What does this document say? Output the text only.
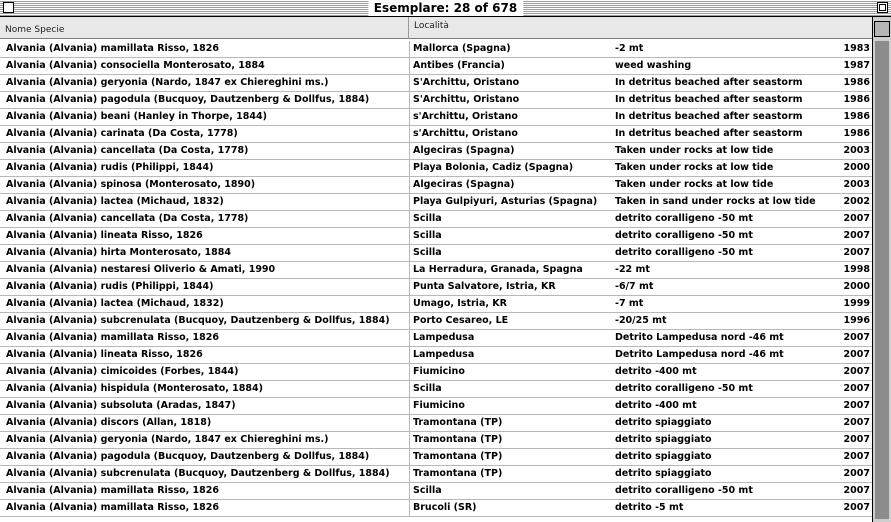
Esemplare: 28 of 678
Nome Specie	Località
Alvania (Alvania) mamillata Risso, 1826	Mallorca (Spagna)	-2 mt	1983
Alvania (Alvania) consociella Monterosato, 1884	Antibes (Francia)	weed washing	1987
Alvania (Alvania) geryonia (Nardo, 1847 ex Chiereghini ms.)	S'Archittu, Oristano	In detritus beached after seastorm	1986
Alvania (Alvania) pagodula (Bucquoy, Dautzenberg & Dollfus, 1884)	S'Archittu, Oristano	In detritus beached after seastorm	1986
Alvania (Alvania) beani (Hanley in Thorpe, 1844)	s'Archittu, Oristano	In detritus beached after seastorm	1986
Alvania (Alvania) carinata (Da Costa, 1778)	s'Archittu, Oristano	In detritus beached after seastorm	1986
Alvania (Alvania) cancellata (Da Costa, 1778)	Algeciras (Spagna)	Taken under rocks at low tide	2003
Alvania (Alvania) rudis (Philippi, 1844)	Playa Bolonia, Cadiz (Spagna)	Taken under rocks at low tide	2000
Alvania (Alvania) spinosa (Monterosato, 1890)	Algeciras (Spagna)	Taken under rocks at low tide	2003
Alvania (Alvania) lactea (Michaud, 1832)	Playa Gulpiyuri, Asturias (Spagna)	Taken in sand under rocks at low tide	2002
Alvania (Alvania) cancellata (Da Costa, 1778)	Scilla	detrito coralligeno -50 mt	2007
Alvania (Alvania) lineata Risso, 1826	Scilla	detrito coralligeno -50 mt	2007
Alvania (Alvania) hirta Monterosato, 1884	Scilla	detrito coralligeno -50 mt	2007
Alvania (Alvania) nestaresi Oliverio & Amati, 1990	La Herradura, Granada, Spagna	-22 mt	1998
Alvania (Alvania) rudis (Philippi, 1844)	Punta Salvatore, Istria, KR	-6/7 mt	2000
Alvania (Alvania) lactea (Michaud, 1832)	Umago, Istria, KR	-7 mt	1999
Alvania (Alvania) subcrenulata (Bucquoy, Dautzenberg & Dollfus, 1884)	Porto Cesareo, LE	-20/25 mt	1996
Alvania (Alvania) mamillata Risso, 1826	Lampedusa	Detrito Lampedusa nord -46 mt	2007
Alvania (Alvania) lineata Risso, 1826	Lampedusa	Detrito Lampedusa nord -46 mt	2007
Alvania (Alvania) cimicoides (Forbes, 1844)	Fiumicino	detrito -400 mt	2007
Alvania (Alvania) hispidula (Monterosato, 1884)	Scilla	detrito coralligeno -50 mt	2007
Alvania (Alvania) subsoluta (Aradas, 1847)	Fiumicino	detrito -400 mt	2007
Alvania (Alvania) discors (Allan, 1818)	Tramontana (TP)	detrito spiaggiato	2007
Alvania (Alvania) geryonia (Nardo, 1847 ex Chiereghini ms.)	Tramontana (TP)	detrito spiaggiato	2007
Alvania (Alvania) pagodula (Bucquoy, Dautzenberg & Dollfus, 1884)	Tramontana (TP)	detrito spiaggiato	2007
Alvania (Alvania) subcrenulata (Bucquoy, Dautzenberg & Dollfus, 1884)	Tramontana (TP)	detrito spiaggiato	2007
Alvania (Alvania) mamillata Risso, 1826	Scilla	detrito coralligeno -50 mt	2007
Alvania (Alvania) mamillata Risso, 1826	Brucoli (SR)	detrito -5 mt	2007
